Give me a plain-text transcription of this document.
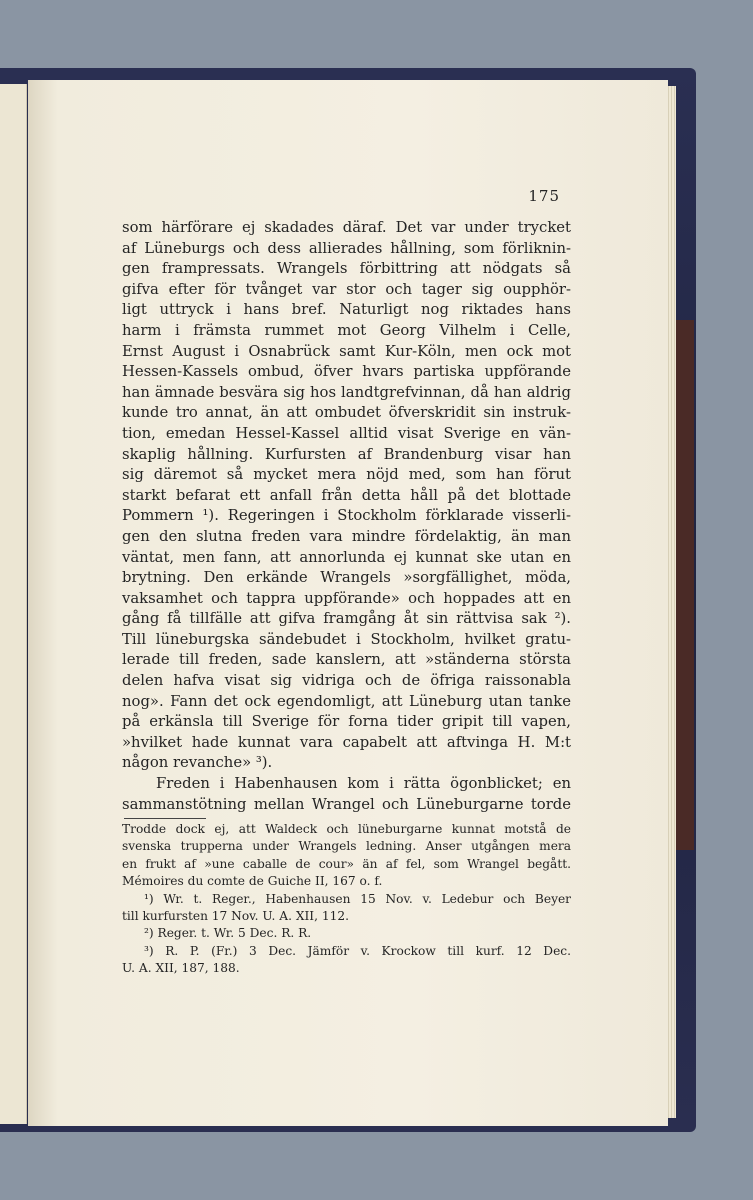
175
som härförare ej skadades däraf. Det var under trycket
af Lüneburgs och dess allierades hållning, som förliknin-
gen frampressats. Wrangels förbittring att nödgats så
gifva efter för tvånget var stor och tager sig oupphör-
ligt uttryck i hans bref. Naturligt nog riktades hans
harm i främsta rummet mot Georg Vilhelm i Celle,
Ernst August i Osnabrück samt Kur-Köln, men ock mot
Hessen-Kassels ombud, öfver hvars partiska uppförande
han ämnade besvära sig hos landtgrefvinnan, då han aldrig
kunde tro annat, än att ombudet öfverskridit sin instruk-
tion, emedan Hessel-Kassel alltid visat Sverige en vän-
skaplig hållning. Kurfursten af Brandenburg visar han
sig däremot så mycket mera nöjd med, som han förut
starkt befarat ett anfall från detta håll på det blottade
Pommern ¹). Regeringen i Stockholm förklarade visserli-
gen den slutna freden vara mindre fördelaktig, än man
väntat, men fann, att annorlunda ej kunnat ske utan en
brytning. Den erkände Wrangels »sorgfällighet, möda,
vaksamhet och tappra uppförande» och hoppades att en
gång få tillfälle att gifva framgång åt sin rättvisa sak ²).
Till lüneburgska sändebudet i Stockholm, hvilket gratu-
lerade till freden, sade kanslern, att »ständerna största
delen hafva visat sig vidriga och de öfriga raissonabla
nog». Fann det ock egendomligt, att Lüneburg utan tanke
på erkänsla till Sverige för forna tider gripit till vapen,
»hvilket hade kunnat vara capabelt att aftvinga H. M:t
någon revanche» ³).
Freden i Habenhausen kom i rätta ögonblicket; en
sammanstötning mellan Wrangel och Lüneburgarne torde
Trodde dock ej, att Waldeck och lüneburgarne kunnat motstå de
svenska trupperna under Wrangels ledning. Anser utgången mera
en frukt af »une caballe de cour» än af fel, som Wrangel begått.
Mémoires du comte de Guiche II, 167 o. f.
¹) Wr. t. Reger., Habenhausen 15 Nov. v. Ledebur och Beyer
till kurfursten 17 Nov. U. A. XII, 112.
²) Reger. t. Wr. 5 Dec. R. R.
³) R. P. (Fr.) 3 Dec. Jämför v. Krockow till kurf. 12 Dec.
U. A. XII, 187, 188.
